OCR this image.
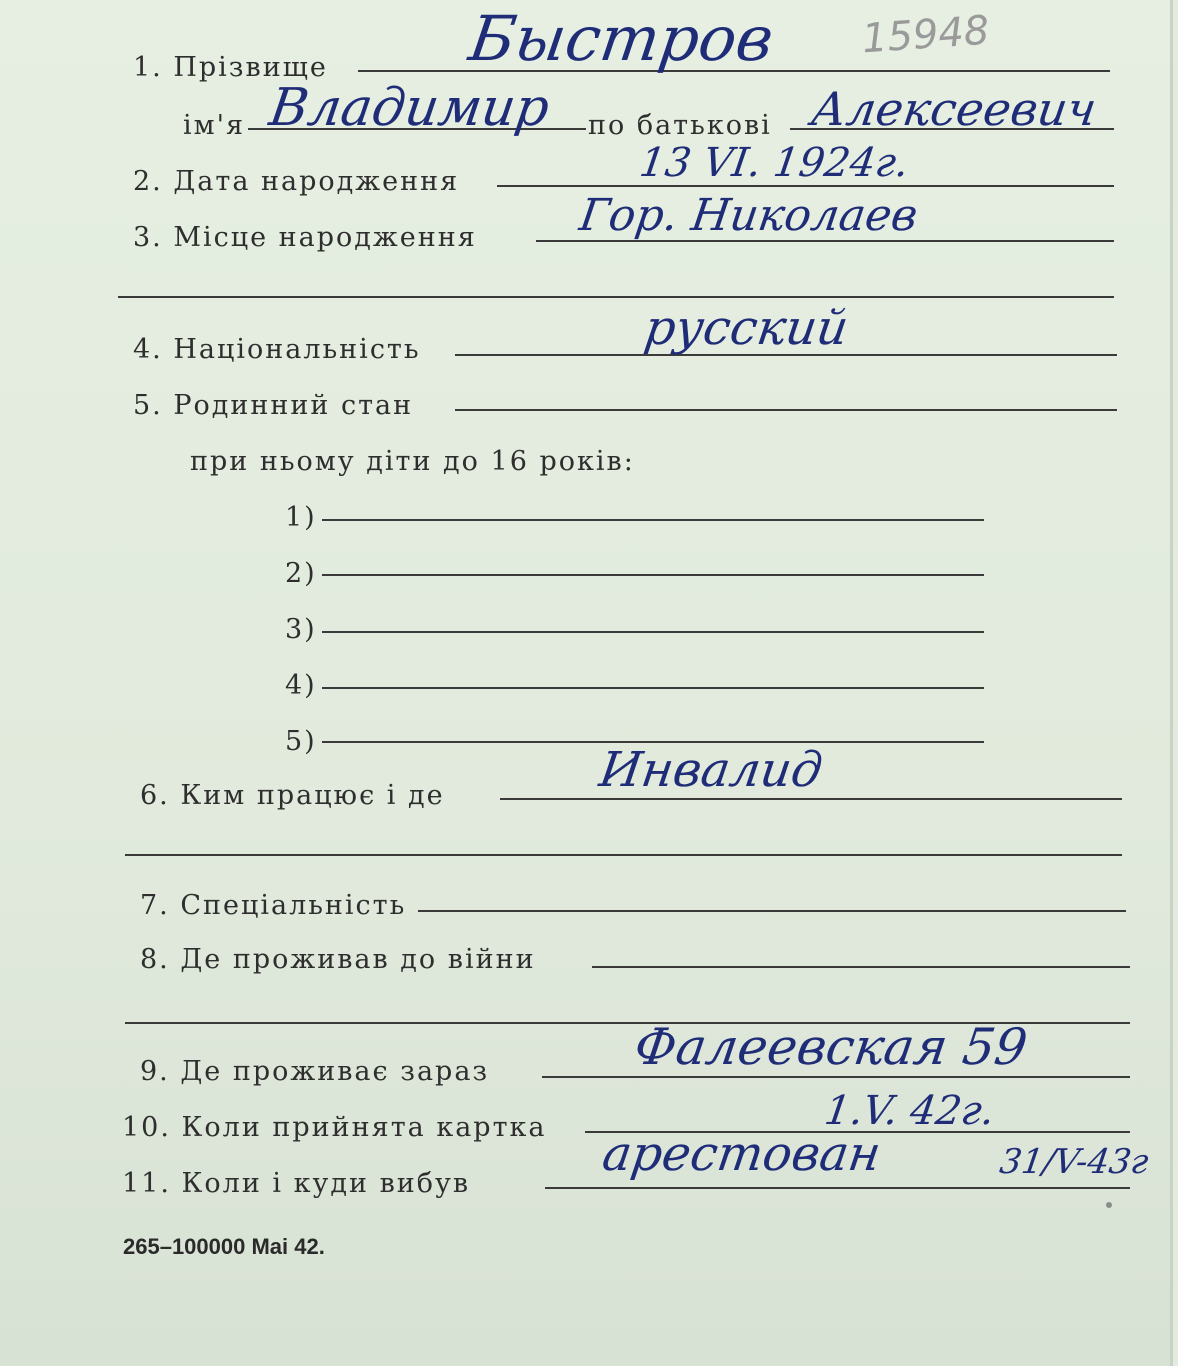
15948
1. Прізвище Быстров
ім'я Владимир по батькові Алексеевич
2. Дата народження	13 VI. 1924г.
3. Місце народження Гор. Николаев
4. Національність	русский
5. Родинний стан
при ньому діти до 16 років:
1)
2)
3)
4)
5)
6. Ким працює і де	Инвалид
7. Спеціальність
8. Де проживав до війни
9. Де проживає зараз	Фалеевская 59
10. Коли прийнята картка	1.V. 42г.
11. Коли і куди вибув
арестован	31/V-43г
265–100000 Mai 42.
